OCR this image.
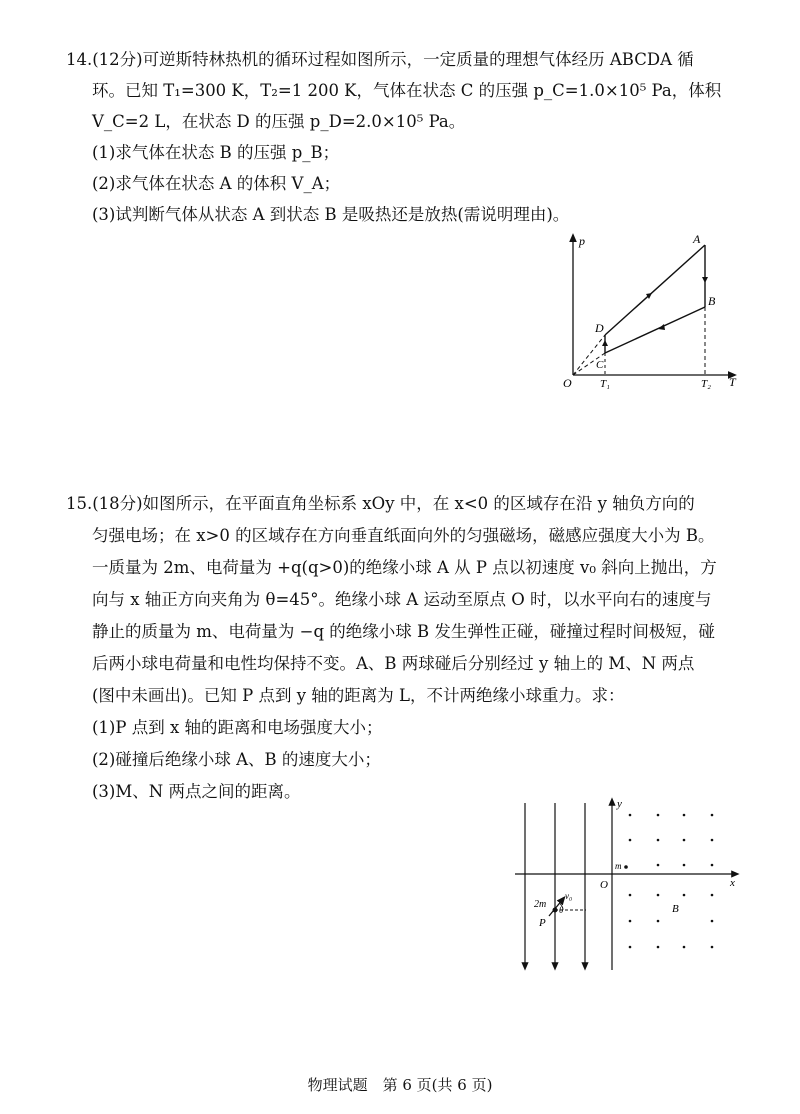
14.(12分)可逆斯特林热机的循环过程如图所示，一定质量的理想气体经历 ABCDA 循
环。已知 T₁=300 K，T₂=1 200 K，气体在状态 C 的压强 p_C=1.0×10⁵ Pa，体积
V_C=2 L，在状态 D 的压强 p_D=2.0×10⁵ Pa。
(1)求气体在状态 B 的压强 p_B；
(2)求气体在状态 A 的体积 V_A；
(3)试判断气体从状态 A 到状态 B 是吸热还是放热(需说明理由)。
p
T
O
A
B
C
D
T₁	T₂
15.(18分)如图所示，在平面直角坐标系 xOy 中，在 x<0 的区域存在沿 y 轴负方向的
匀强电场；在 x>0 的区域存在方向垂直纸面向外的匀强磁场，磁感应强度大小为 B。
一质量为 2m、电荷量为 +q(q>0)的绝缘小球 A 从 P 点以初速度 v₀ 斜向上抛出，方
向与 x 轴正方向夹角为 θ=45°。绝缘小球 A 运动至原点 O 时，以水平向右的速度与
静止的质量为 m、电荷量为 −q 的绝缘小球 B 发生弹性正碰，碰撞过程时间极短，碰
后两小球电荷量和电性均保持不变。A、B 两球碰后分别经过 y 轴上的 M、N 两点
(图中未画出)。已知 P 点到 y 轴的距离为 L，不计两绝缘小球重力。求：
(1)P 点到 x 轴的距离和电场强度大小；
(2)碰撞后绝缘小球 A、B 的速度大小；
(3)M、N 两点之间的距离。
y
x
O
m
2m
v₀
θ
P
B
物理试题　第 6 页(共 6 页)
